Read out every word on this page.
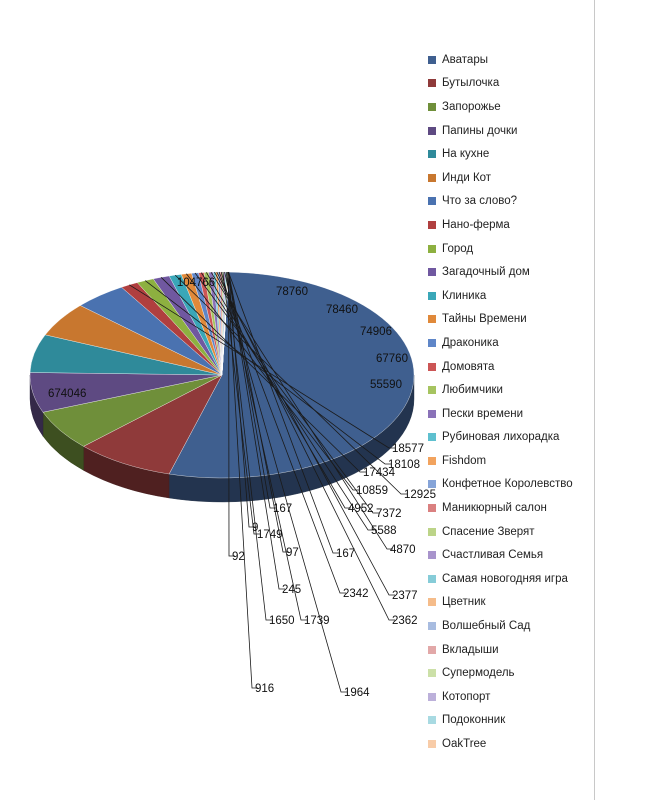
674046
104766
78760
78460
74906
67760
55590
18577
18108
17434
12925
10859
7372
5588
4952
4870
2377
2362
2342
1964
1749
1739
1650
916
245
167
167
97
92
9
Аватары
Бутылочка
Запорожье
Папины дочки
На кухне
Инди Кот
Что за слово?
Нано-ферма
Город
Загадочный дом
Клиника
Тайны Времени
Драконика
Домовята
Любимчики
Пески времени
Рубиновая лихорадка
Fishdom
Конфетное Королевство
Маникюрный салон
Спасение Зверят
Счастливая Семья
Самая новогодняя игра
Цветник
Волшебный Сад
Вкладыши
Супермодель
Котопорт
Подоконник
OakTree
